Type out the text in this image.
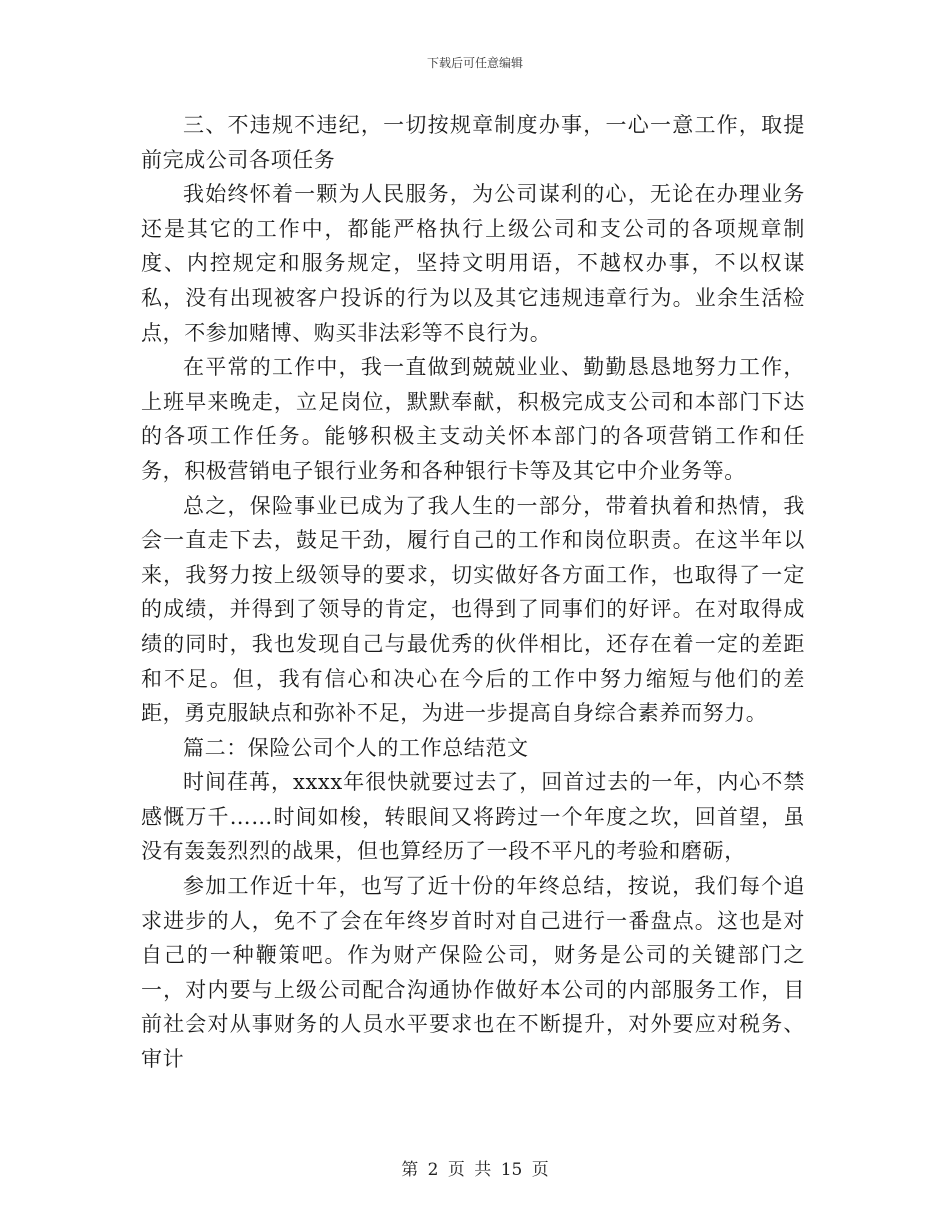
下载后可任意编辑

三、不违规不违纪，一切按规章制度办事，一心一意工作，取提前完成公司各项任务

我始终怀着一颗为人民服务，为公司谋利的心，无论在办理业务还是其它的工作中，都能严格执行上级公司和支公司的各项规章制度、内控规定和服务规定，坚持文明用语，不越权办事，不以权谋私，没有出现被客户投诉的行为以及其它违规违章行为。业余生活检点，不参加赌博、购买非法彩等不良行为。

在平常的工作中，我一直做到兢兢业业、勤勤恳恳地努力工作，上班早来晚走，立足岗位，默默奉献，积极完成支公司和本部门下达的各项工作任务。能够积极主支动关怀本部门的各项营销工作和任务，积极营销电子银行业务和各种银行卡等及其它中介业务等。

总之，保险事业已成为了我人生的一部分，带着执着和热情，我会一直走下去，鼓足干劲，履行自己的工作和岗位职责。在这半年以来，我努力按上级领导的要求，切实做好各方面工作，也取得了一定的成绩，并得到了领导的肯定，也得到了同事们的好评。在对取得成绩的同时，我也发现自己与最优秀的伙伴相比，还存在着一定的差距和不足。但，我有信心和决心在今后的工作中努力缩短与他们的差距，勇克服缺点和弥补不足，为进一步提高自身综合素养而努力。

篇二：保险公司个人的工作总结范文

时间荏苒，xxxx年很快就要过去了，回首过去的一年，内心不禁感慨万千……时间如梭，转眼间又将跨过一个年度之坎，回首望，虽没有轰轰烈烈的战果，但也算经历了一段不平凡的考验和磨砺，

参加工作近十年，也写了近十份的年终总结，按说，我们每个追求进步的人，免不了会在年终岁首时对自己进行一番盘点。这也是对自己的一种鞭策吧。作为财产保险公司，财务是公司的关键部门之一，对内要与上级公司配合沟通协作做好本公司的内部服务工作，目前社会对从事财务的人员水平要求也在不断提升，对外要应对税务、审计

第 2 页 共 15 页
